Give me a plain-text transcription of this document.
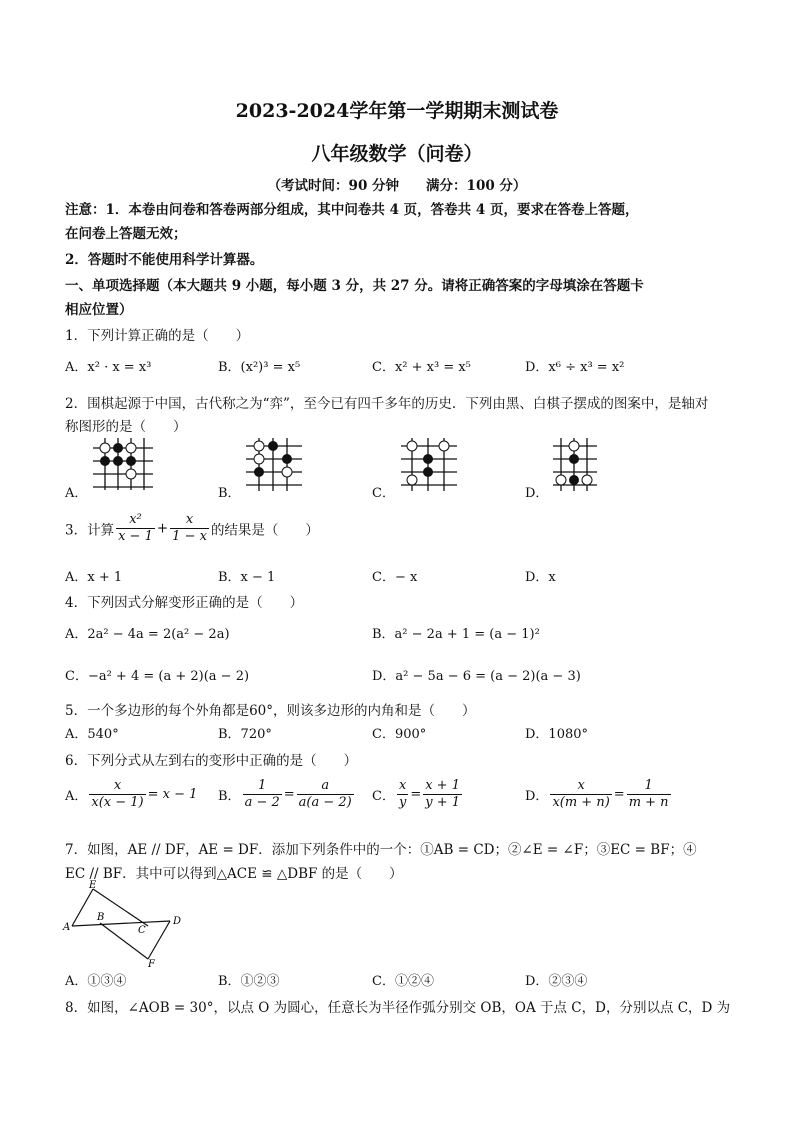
2023-2024学年第一学期期末测试卷
八年级数学（问卷）
（考试时间：90 分钟　　满分：100 分）
注意：1．本卷由问卷和答卷两部分组成，其中问卷共 4 页，答卷共 4 页，要求在答卷上答题，
在问卷上答题无效；
2．答题时不能使用科学计算器。
一、单项选择题（本大题共 9 小题，每小题 3 分，共 27 分。请将正确答案的字母填涂在答题卡
相应位置）
1．下列计算正确的是（　　）
A．x² · x = x³	B．(x²)³ = x⁵	C．x² + x³ = x⁵	D．x⁶ ÷ x³ = x²
2．围棋起源于中国，古代称之为“弈”，至今已有四千多年的历史．下列由黑、白棋子摆成的图案中，是轴对
称图形的是（　　）
A．	B．	C．	D．
3．计算 $\frac{\text{x²}}{x - 1} + \frac{x}{1 - x}$ 的结果是（　　）
A．x + 1	B．x − 1	C．− x	D．x
4．下列因式分解变形正确的是（　　）
A．2a² − 4a = 2(a² − 2a)	B．a² − 2a + 1 = (a − 1)²
C．−a² + 4 = (a + 2)(a − 2)	D．a² − 5a − 6 = (a − 2)(a − 3)
5．一个多边形的每个外角都是60°，则该多边形的内角和是（　　）
A．540°	B．720°	C．900°	D．1080°
6．下列分式从左到右的变形中正确的是（　　）
A． $\frac{x}{x(x - 1)} = x - 1$ B． $\frac{1}{a - 2} = \frac{a}{a(a - 2)}$ C． $\frac{x}{y} = \frac{x + 1}{y + 1}$	D． $\frac{x}{x(m + n)} = \frac{1}{m + n}$
7．如图，AE // DF，AE = DF．添加下列条件中的一个：①AB = CD；②∠E = ∠F；③EC = BF；④
EC // BF．其中可以得到△ACE ≌ △DBF 的是（　　）
E
A
B
C
D
F
A．①③④	B．①②③	C．①②④	D．②③④
8．如图，∠AOB = 30°，以点 O 为圆心，任意长为半径作弧分别交 OB，OA 于点 C，D，分别以点 C，D 为
